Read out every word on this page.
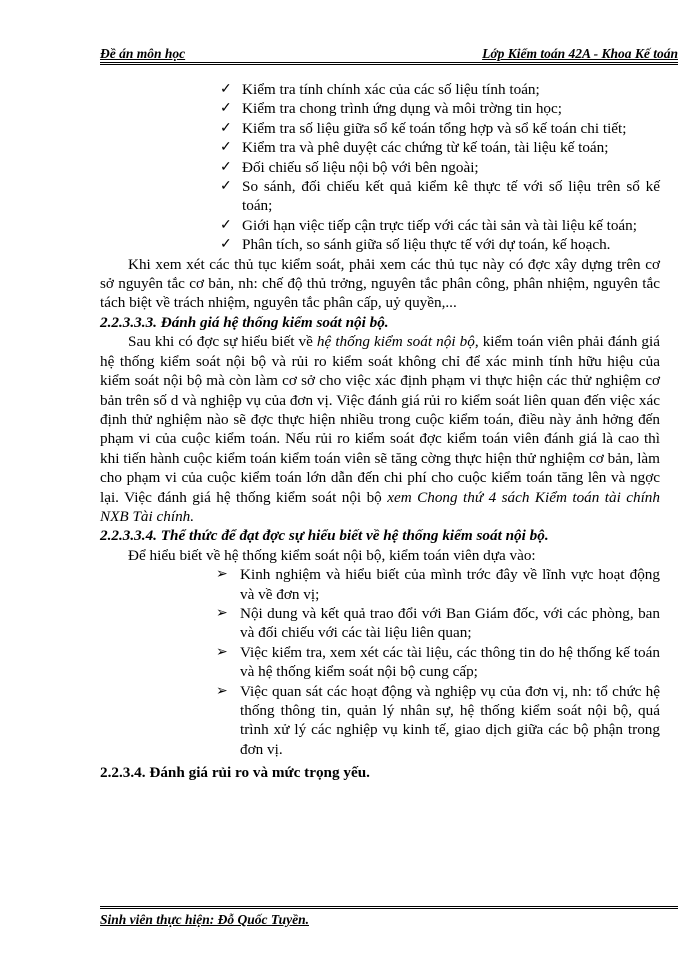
Đề án môn học	Lớp Kiểm toán 42A - Khoa Kế toán
✓ Kiểm tra tính chính xác của các số liệu tính toán;
✓ Kiểm tra chong trình ứng dụng và môi trờng tin học;
✓ Kiểm tra số liệu giữa sổ kế toán tổng hợp và sổ kế toán chi tiết;
✓ Kiểm tra và phê duyệt các chứng từ kế toán, tài liệu kế toán;
✓ Đối chiếu số liệu nội bộ với bên ngoài;
✓ So sánh, đối chiếu kết quả kiểm kê thực tế với số liệu trên sổ kế toán;
✓ Giới hạn việc tiếp cận trực tiếp với các tài sản và tài liệu kế toán;
✓ Phân tích, so sánh giữa số liệu thực tế với dự toán, kế hoạch.

Khi xem xét các thủ tục kiểm soát, phải xem các thủ tục này có đợc xây dựng trên cơ sở nguyên tắc cơ bản, nh: chế độ thủ trởng, nguyên tắc phân công, phân nhiệm, nguyên tắc tách biệt về trách nhiệm, nguyên tắc phân cấp, uỷ quyền,...

2.2.3.3.3. Đánh giá hệ thống kiểm soát nội bộ.

Sau khi có đợc sự hiểu biết về hệ thống kiểm soát nội bộ, kiểm toán viên phải đánh giá hệ thống kiểm soát nội bộ và rủi ro kiểm soát không chỉ để xác minh tính hữu hiệu của kiểm soát nội bộ mà còn làm cơ sở cho việc xác định phạm vi thực hiện các thử nghiệm cơ bản trên số d và nghiệp vụ của đơn vị. Việc đánh giá rủi ro kiểm soát liên quan đến việc xác định thử nghiệm nào sẽ đợc thực hiện nhiều trong cuộc kiểm toán, điều này ảnh hởng đến phạm vi của cuộc kiểm toán. Nếu rủi ro kiểm soát đợc kiểm toán viên đánh giá là cao thì khi tiến hành cuộc kiểm toán kiểm toán viên sẽ tăng cờng thực hiện thử nghiệm cơ bản, làm cho phạm vi của cuộc kiểm toán lớn dẫn đến chi phí cho cuộc kiểm toán tăng lên và ngợc lại. Việc đánh giá hệ thống kiểm soát nội bộ xem Chong thứ 4 sách Kiểm toán tài chính NXB Tài chính.

2.2.3.3.4. Thể thức để đạt đợc sự hiểu biết về hệ thống kiểm soát nội bộ.

Để hiểu biết về hệ thống kiểm soát nội bộ, kiểm toán viên dựa vào:

➢ Kinh nghiệm và hiểu biết của mình trớc đây về lĩnh vực hoạt động và về đơn vị;
➢ Nội dung và kết quả trao đổi với Ban Giám đốc, với các phòng, ban và đối chiếu với các tài liệu liên quan;
➢ Việc kiểm tra, xem xét các tài liệu, các thông tin do hệ thống kế toán và hệ thống kiểm soát nội bộ cung cấp;
➢ Việc quan sát các hoạt động và nghiệp vụ của đơn vị, nh: tổ chức hệ thống thông tin, quản lý nhân sự, hệ thống kiểm soát nội bộ, quá trình xử lý các nghiệp vụ kinh tế, giao dịch giữa các bộ phận trong đơn vị.

2.2.3.4. Đánh giá rủi ro và mức trọng yếu.

Sinh viên thực hiện: Đỗ Quốc Tuyền.
